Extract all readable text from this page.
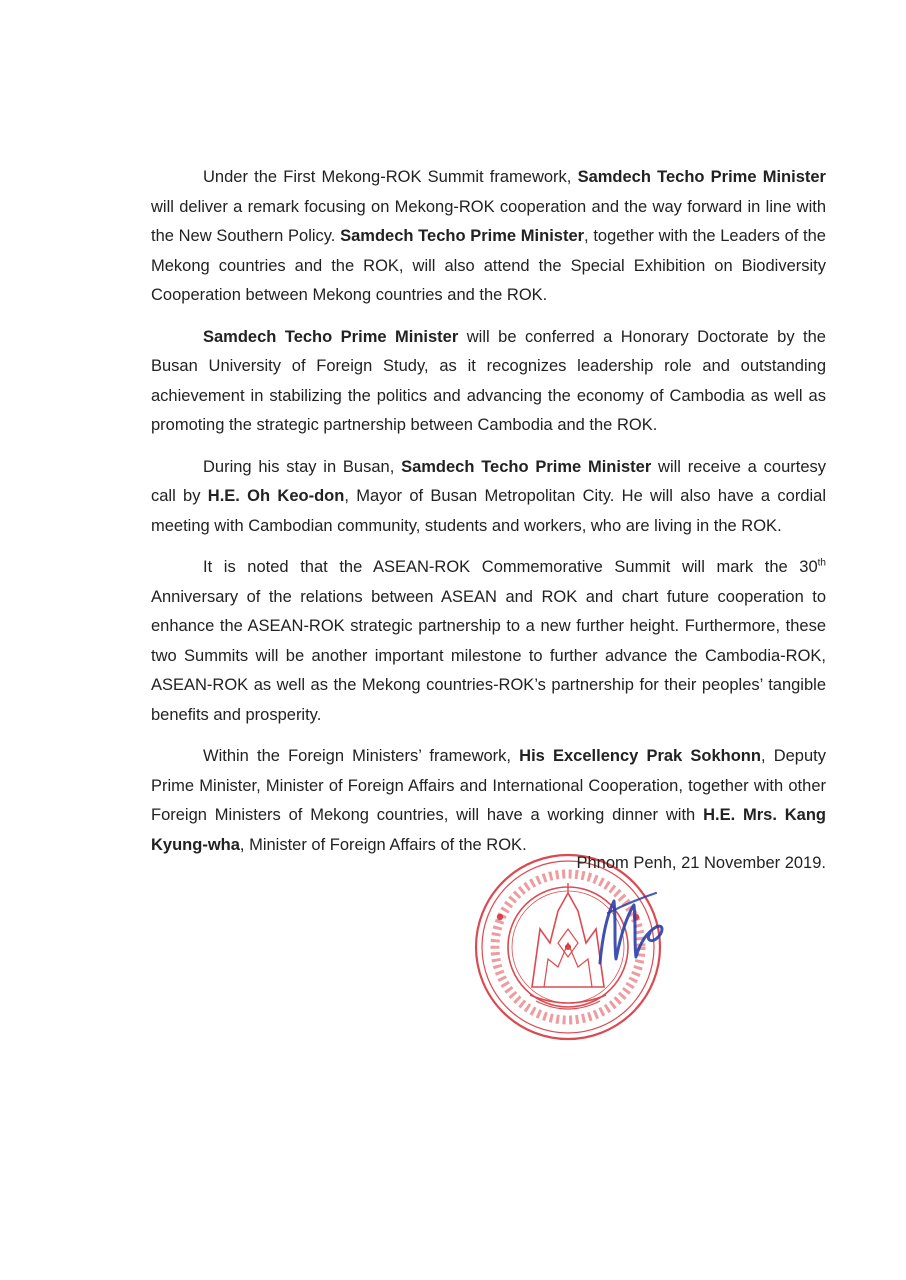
Under the First Mekong-ROK Summit framework, Samdech Techo Prime Minister will deliver a remark focusing on Mekong-ROK cooperation and the way forward in line with the New Southern Policy. Samdech Techo Prime Minister, together with the Leaders of the Mekong countries and the ROK, will also attend the Special Exhibition on Biodiversity Cooperation between Mekong countries and the ROK.

Samdech Techo Prime Minister will be conferred a Honorary Doctorate by the Busan University of Foreign Study, as it recognizes leadership role and outstanding achievement in stabilizing the politics and advancing the economy of Cambodia as well as promoting the strategic partnership between Cambodia and the ROK.

During his stay in Busan, Samdech Techo Prime Minister will receive a courtesy call by H.E. Oh Keo-don, Mayor of Busan Metropolitan City. He will also have a cordial meeting with Cambodian community, students and workers, who are living in the ROK.

It is noted that the ASEAN-ROK Commemorative Summit will mark the 30th Anniversary of the relations between ASEAN and ROK and chart future cooperation to enhance the ASEAN-ROK strategic partnership to a new further height. Furthermore, these two Summits will be another important milestone to further advance the Cambodia-ROK, ASEAN-ROK as well as the Mekong countries-ROK’s partnership for their peoples’ tangible benefits and prosperity.

Within the Foreign Ministers’ framework, His Excellency Prak Sokhonn, Deputy Prime Minister, Minister of Foreign Affairs and International Cooperation, together with other Foreign Ministers of Mekong countries, will have a working dinner with H.E. Mrs. Kang Kyung-wha, Minister of Foreign Affairs of the ROK.

Phnom Penh, 21 November 2019.
